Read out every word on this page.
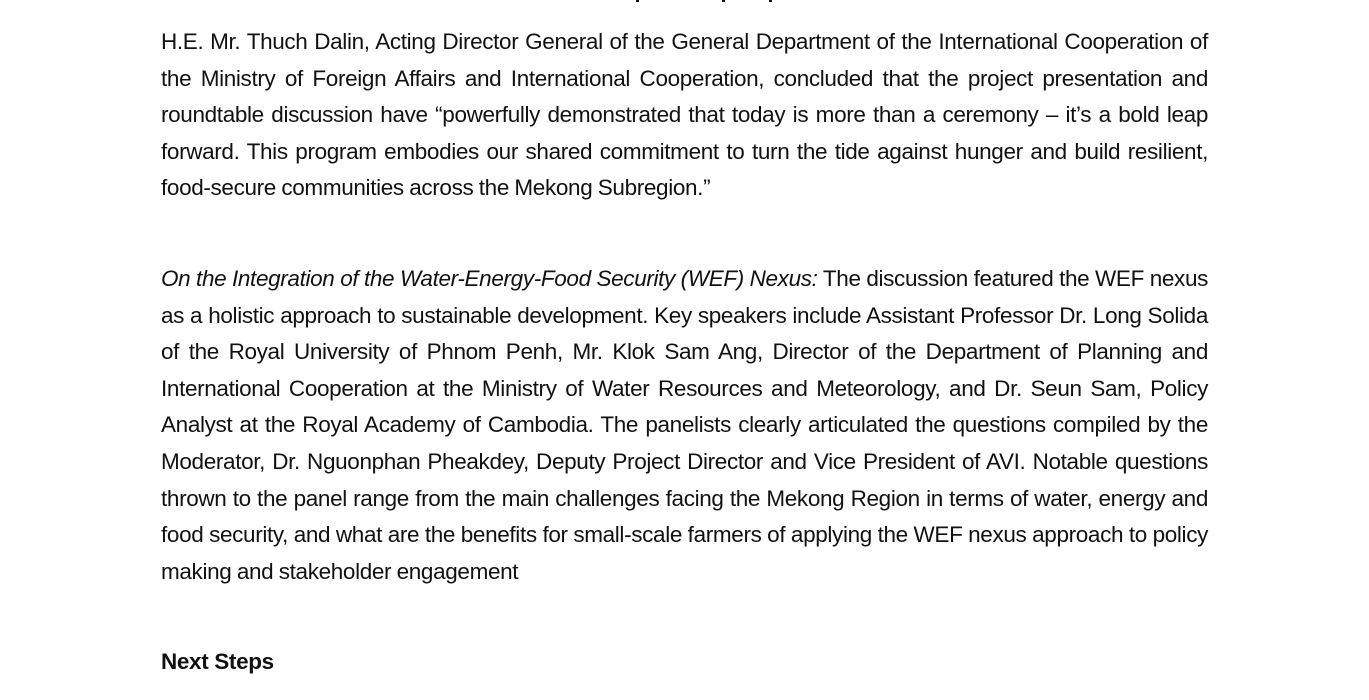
H.E. Mr. Thuch Dalin, Acting Director General of the General Department of the International Cooperation of the Ministry of Foreign Affairs and International Cooperation, concluded that the project presentation and roundtable discussion have “powerfully demonstrated that today is more than a ceremony – it’s a bold leap forward. This program embodies our shared commitment to turn the tide against hunger and build resilient, food-secure communities across the Mekong Subregion.”

On the Integration of the Water-Energy-Food Security (WEF) Nexus: The discussion featured the WEF nexus as a holistic approach to sustainable development. Key speakers include Assistant Professor Dr. Long Solida of the Royal University of Phnom Penh, Mr. Klok Sam Ang, Director of the Department of Planning and International Cooperation at the Ministry of Water Resources and Meteorology, and Dr. Seun Sam, Policy Analyst at the Royal Academy of Cambodia. The panelists clearly articulated the questions compiled by the Moderator, Dr. Nguonphan Pheakdey, Deputy Project Director and Vice President of AVI. Notable questions thrown to the panel range from the main challenges facing the Mekong Region in terms of water, energy and food security, and what are the benefits for small-scale farmers of applying the WEF nexus approach to policy making and stakeholder engagement

Next Steps
